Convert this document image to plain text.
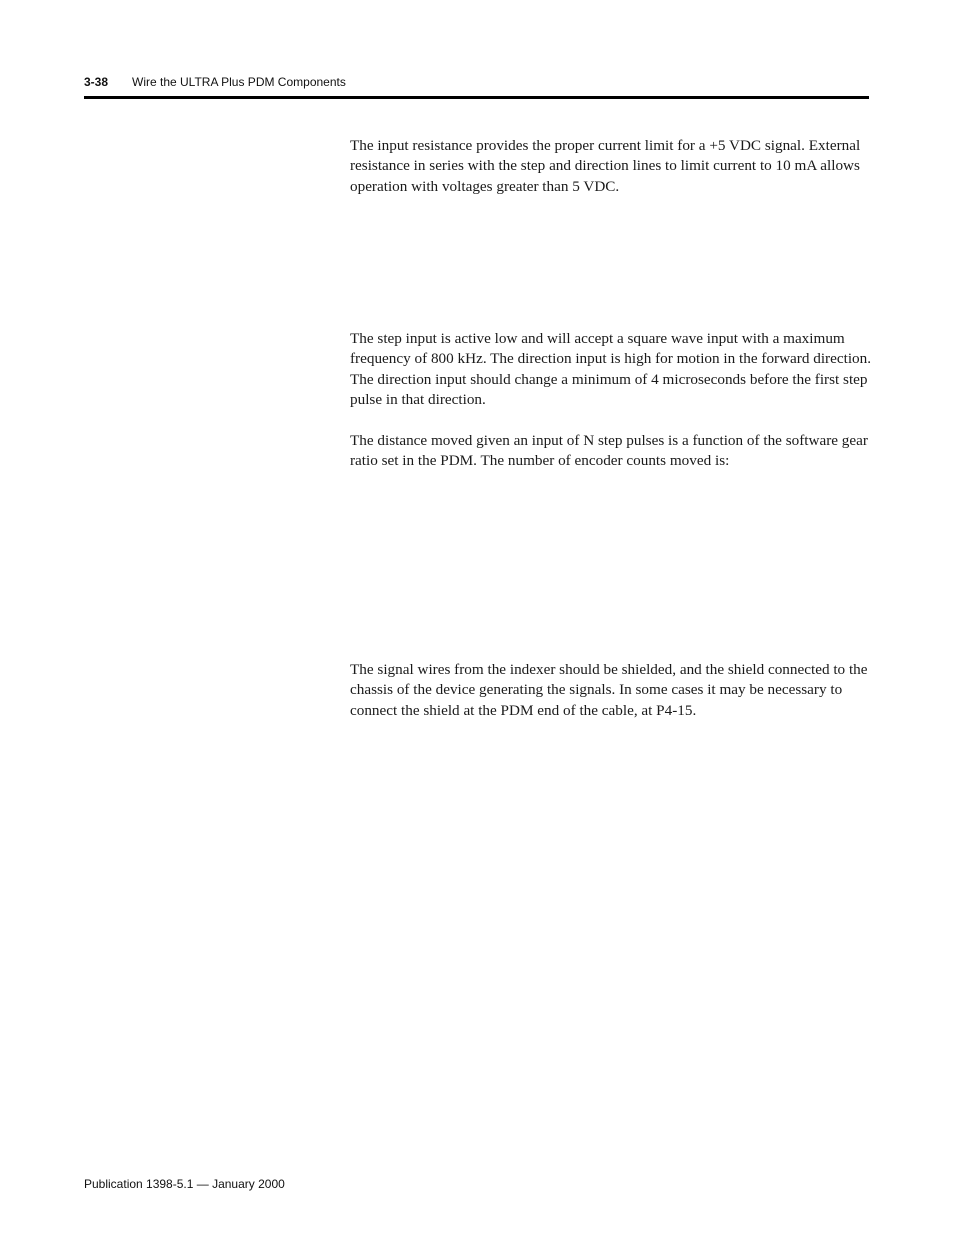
3-38 Wire the ULTRA Plus PDM Components

The input resistance provides the proper current limit for a +5 VDC signal. External resistance in series with the step and direction lines to limit current to 10 mA allows operation with voltages greater than 5 VDC.

The step input is active low and will accept a square wave input with a maximum frequency of 800 kHz. The direction input is high for motion in the forward direction. The direction input should change a minimum of 4 microseconds before the first step pulse in that direction.

The distance moved given an input of N step pulses is a function of the software gear ratio set in the PDM. The number of encoder counts moved is:

The signal wires from the indexer should be shielded, and the shield connected to the chassis of the device generating the signals. In some cases it may be necessary to connect the shield at the PDM end of the cable, at P4-15.

Publication 1398-5.1 — January 2000
